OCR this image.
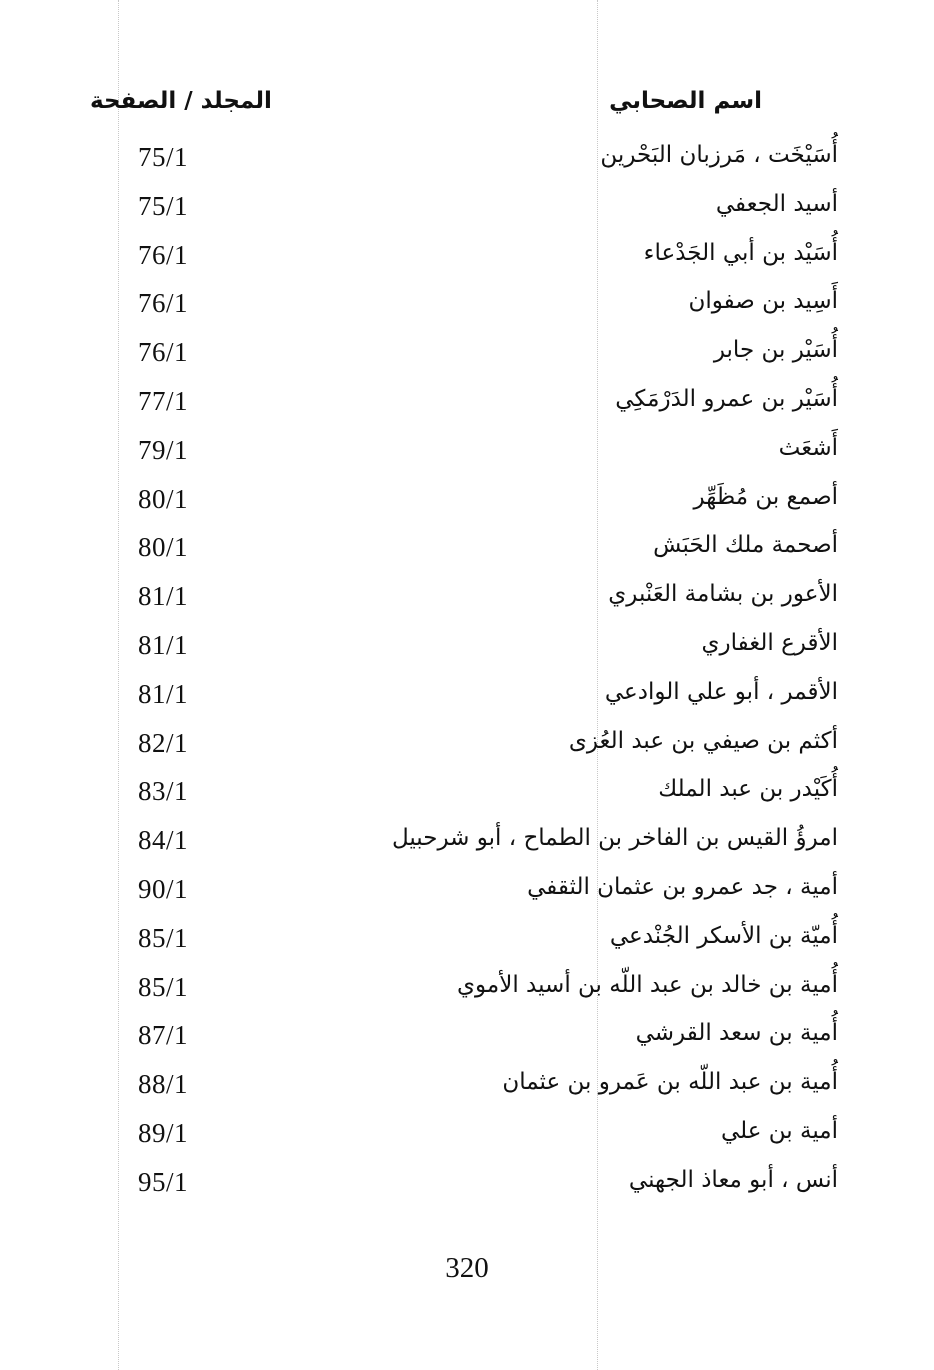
اسم الصحابي
المجلد / الصفحة
أُسَيْخَت ، مَرزبان البَحْرين
75/1
أسيد الجعفي
75/1
أُسَيْد بن أبي الجَدْعاء
76/1
أَسِيد بن صفوان
76/1
أُسَيْر بن جابر
76/1
أُسَيْر بن عمرو الدَرْمَكِي
77/1
أَشعَث
79/1
أصمع بن مُظَهِّر
80/1
أصحمة ملك الحَبَش
80/1
الأعور بن بشامة العَنْبري
81/1
الأقرع الغفاري
81/1
الأقمر ، أبو علي الوادعي
81/1
أكثم بن صيفي بن عبد العُزى
82/1
أُكَيْدر بن عبد الملك
83/1
امرؤُ القيس بن الفاخر بن الطماح ، أبو شرحبيل
84/1
أمية ، جد عمرو بن عثمان الثقفي
90/1
أُميّة بن الأسكر الجُنْدعي
85/1
أُمية بن خالد بن عبد اللّه بن أسيد الأموي
85/1
أُمية بن سعد القرشي
87/1
أُمية بن عبد اللّه بن عَمرو بن عثمان
88/1
أمية بن علي
89/1
أنس ، أبو معاذ الجهني
95/1
320
